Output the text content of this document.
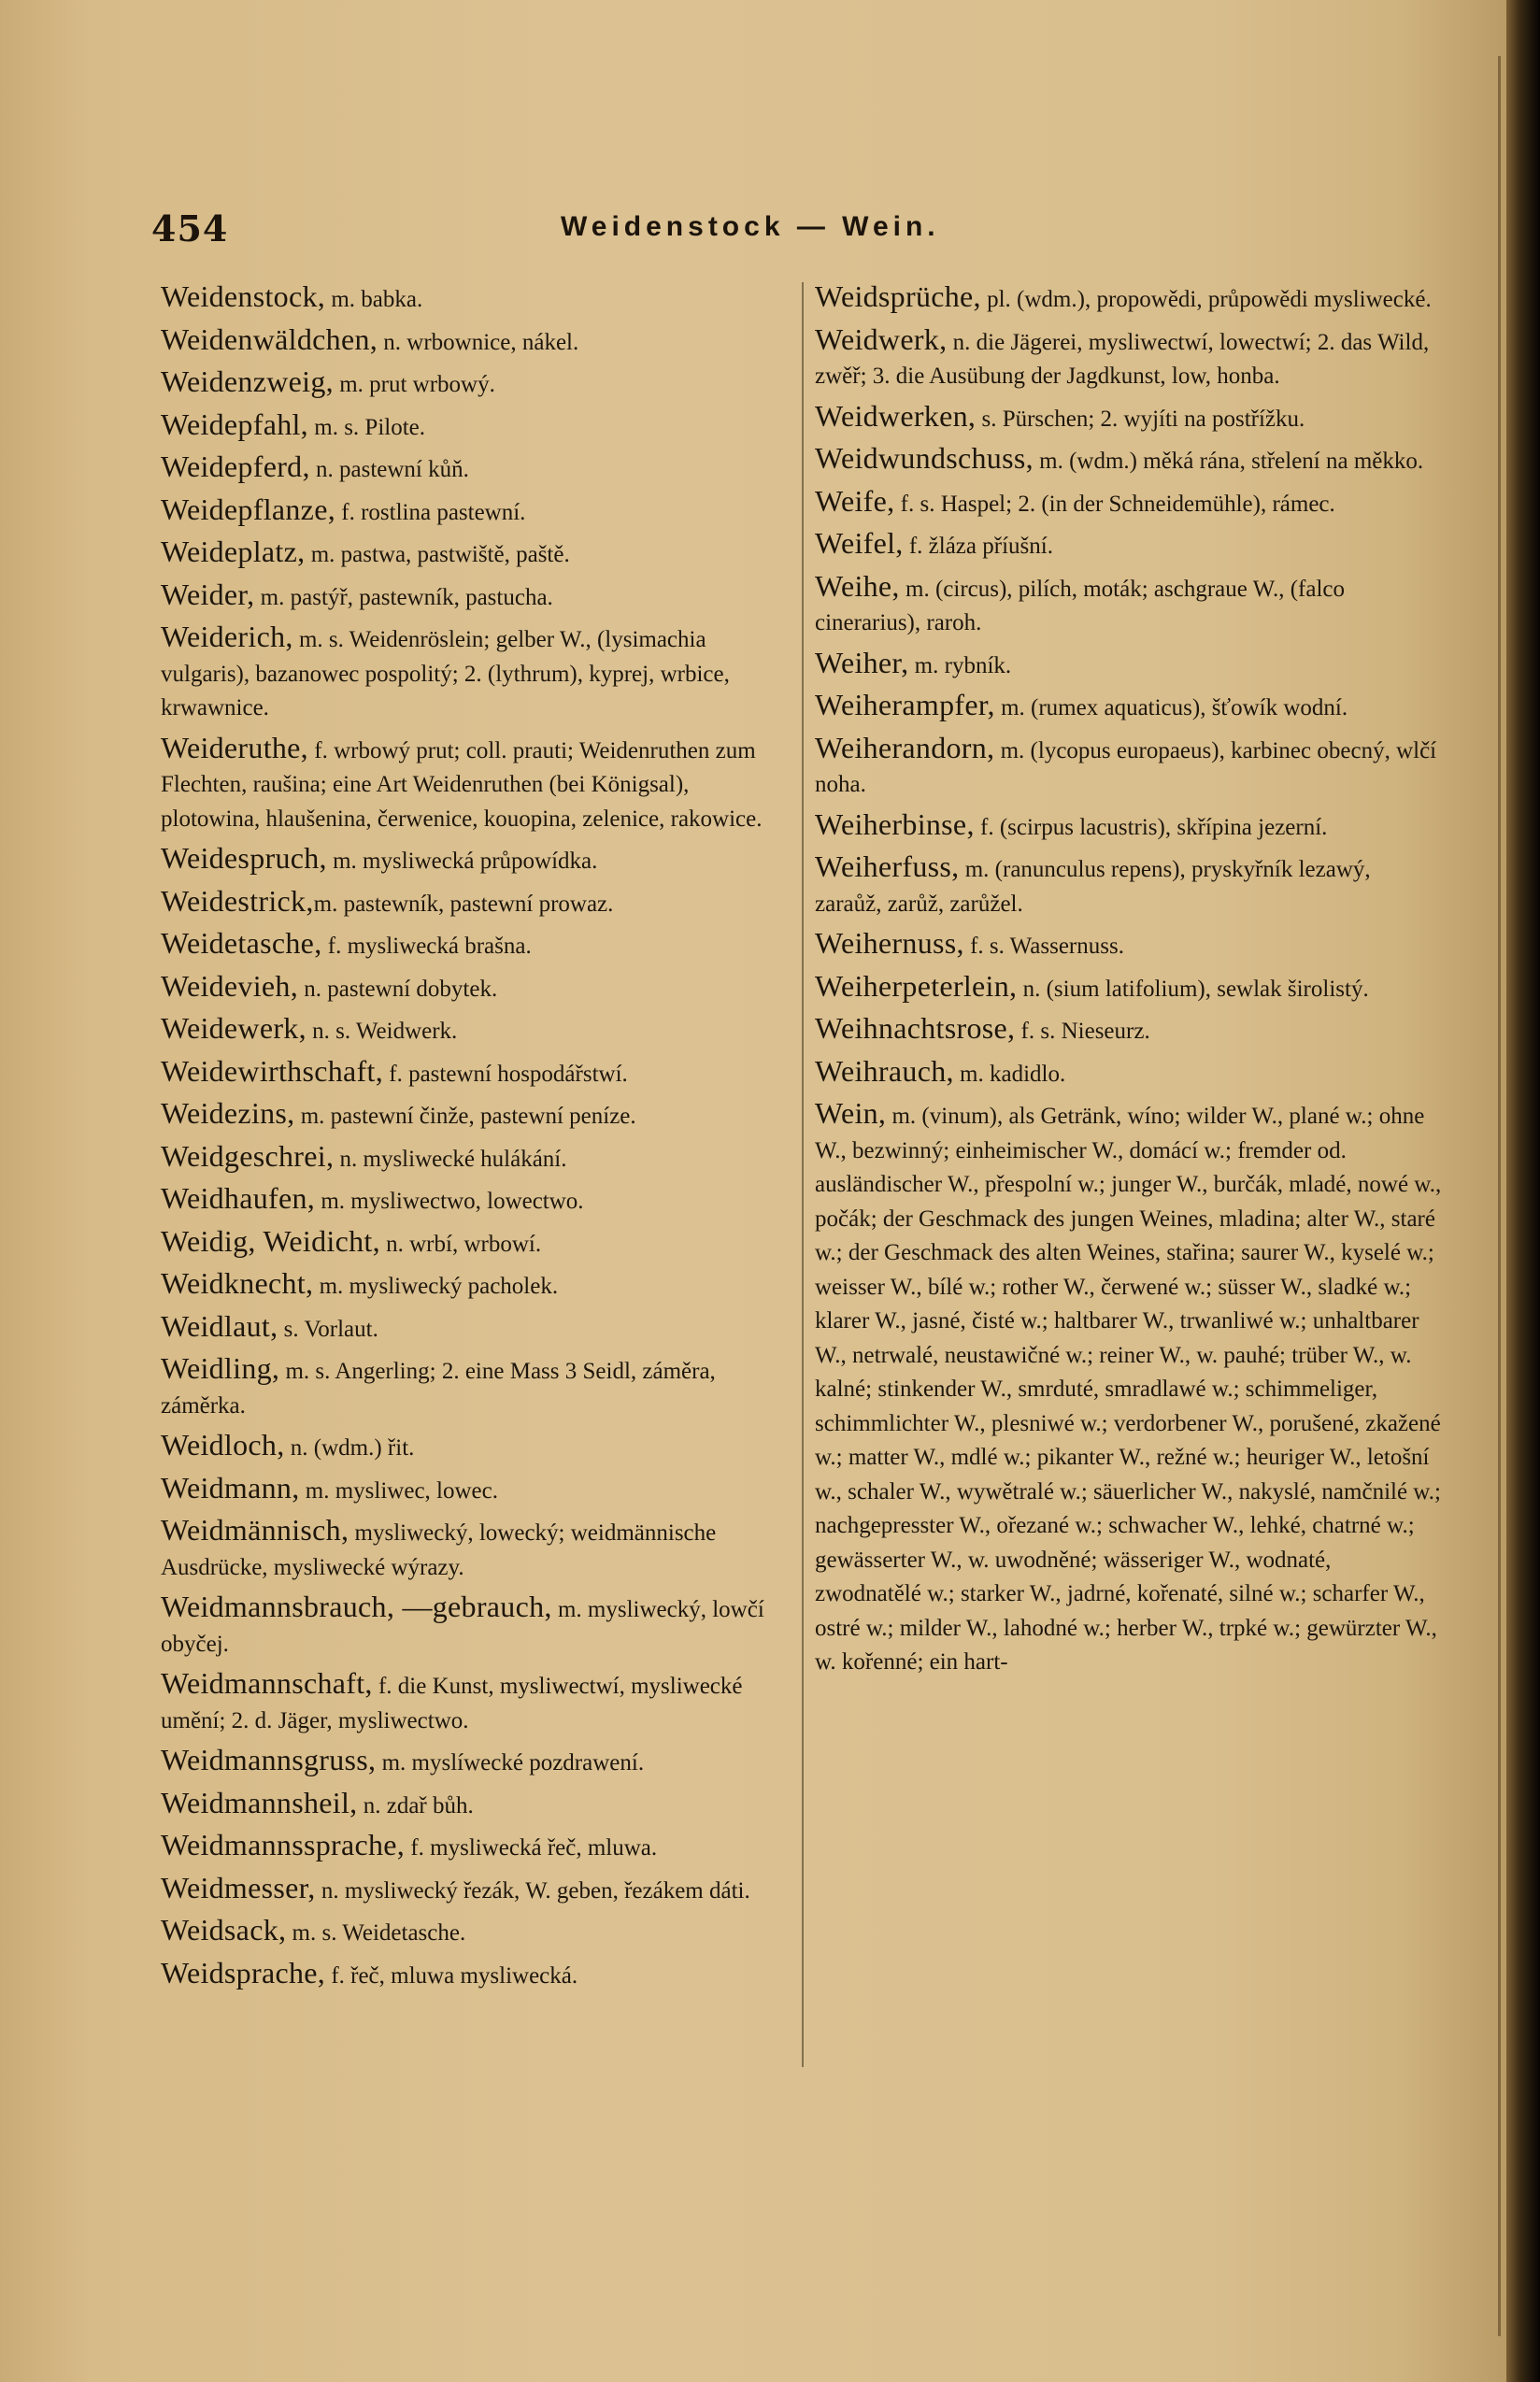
454	Weidenstock — Wein.
Weidenstock, m. babka.
Weidenwäldchen, n. wrbownice, nákel.
Weidenzweig, m. prut wrbowý.
Weidepfahl, m. s. Pilote.
Weidepferd, n. pastewní kůň.
Weidepflanze, f. rostlina pastewní.
Weideplatz, m. pastwa, pastwiště, paště.
Weider, m. pastýř, pastewník, pastucha.
Weiderich, m. s. Weidenröslein; gelber W., (lysimachia vulgaris), bazanowec pospolitý; 2. (lythrum), kyprej, wrbice, krwawnice.
Weideruthe, f. wrbowý prut; coll. prauti; Weidenruthen zum Flechten, raušina; eine Art Weidenruthen (bei Königsal), plotowina, hlaušenina, čerwenice, kouopina, zelenice, rakowice.
Weidespruch, m. mysliwecká průpowídka.
Weidestrick,m. pastewník, pastewní prowaz.
Weidetasche, f. mysliwecká brašna.
Weidevieh, n. pastewní dobytek.
Weidewerk, n. s. Weidwerk.
Weidewirthschaft, f. pastewní hospodářstwí.
Weidezins, m. pastewní činže, pastewní peníze.
Weidgeschrei, n. mysliwecké hulákání.
Weidhaufen, m. mysliwectwo, lowectwo.
Weidig, Weidicht, n. wrbí, wrbowí.
Weidknecht, m. mysliwecký pacholek.
Weidlaut, s. Vorlaut.
Weidling, m. s. Angerling; 2. eine Mass 3 Seidl, záměra, záměrka.
Weidloch, n. (wdm.) řit.
Weidmann, m. mysliwec, lowec.
Weidmännisch, mysliwecký, lowecký; weidmännische Ausdrücke, mysliwecké wýrazy.
Weidmannsbrauch, —gebrauch, m. mysliwecký, lowčí obyčej.
Weidmannschaft, f. die Kunst, mysliwectwí, mysliwecké umění; 2. d. Jäger, mysliwectwo.
Weidmannsgruss, m. myslíwecké pozdrawení.
Weidmannsheil, n. zdař bůh.
Weidmannssprache, f. mysliwecká řeč, mluwa.
Weidmesser, n. mysliwecký řezák, W. geben, řezákem dáti.
Weidsack, m. s. Weidetasche.
Weidsprache, f. řeč, mluwa mysliwecká.
Weidsprüche, pl. (wdm.), propowědi, průpowědi mysliwecké.
Weidwerk, n. die Jägerei, mysliwectwí, lowectwí; 2. das Wild, zwěř; 3. die Ausübung der Jagdkunst, low, honba.
Weidwerken, s. Pürschen; 2. wyjíti na postřížku.
Weidwundschuss, m. (wdm.) měká rána, střelení na měkko.
Weife, f. s. Haspel; 2. (in der Schneidemühle), rámec.
Weifel, f. žláza příušní.
Weihe, m. (circus), pilích, moták; aschgraue W., (falco cinerarius), raroh.
Weiher, m. rybník.
Weiherampfer, m. (rumex aquaticus), šťowík wodní.
Weiherandorn, m. (lycopus europaeus), karbinec obecný, wlčí noha.
Weiherbinse, f. (scirpus lacustris), skřípina jezerní.
Weiherfuss, m. (ranunculus repens), pryskyřník lezawý, zaraůž, zarůž, zarůžel.
Weihernuss, f. s. Wassernuss.
Weiherpeterlein, n. (sium latifolium), sewlak širolistý.
Weihnachtsrose, f. s. Nieseurz.
Weihrauch, m. kadidlo.
Wein, m. (vinum), als Getränk, wíno; wilder W., plané w.; ohne W., bezwinný; einheimischer W., domácí w.; fremder od. ausländischer W., přespolní w.; junger W., burčák, mladé, nowé w., počák; der Geschmack des jungen Weines, mladina; alter W., staré w.; der Geschmack des alten Weines, stařina; saurer W., kyselé w.; weisser W., bílé w.; rother W., čerwené w.; süsser W., sladké w.; klarer W., jasné, čisté w.; haltbarer W., trwanliwé w.; unhaltbarer W., netrwalé, neustawičné w.; reiner W., w. pauhé; trüber W., w. kalné; stinkender W., smrduté, smradlawé w.; schimmeliger, schimmlichter W., plesniwé w.; verdorbener W., porušené, zkažené w.; matter W., mdlé w.; pikanter W., režné w.; heuriger W., letošní w., schaler W., wywětralé w.; säuerlicher W., nakyslé, namčnilé w.; nachgepresster W., ořezané w.; schwacher W., lehké, chatrné w.; gewässerter W., w. uwodněné; wässeriger W., wodnaté, zwodnatělé w.; starker W., jadrné, kořenaté, silné w.; scharfer W., ostré w.; milder W., lahodné w.; herber W., trpké w.; gewürzter W., w. kořenné; ein hart-
